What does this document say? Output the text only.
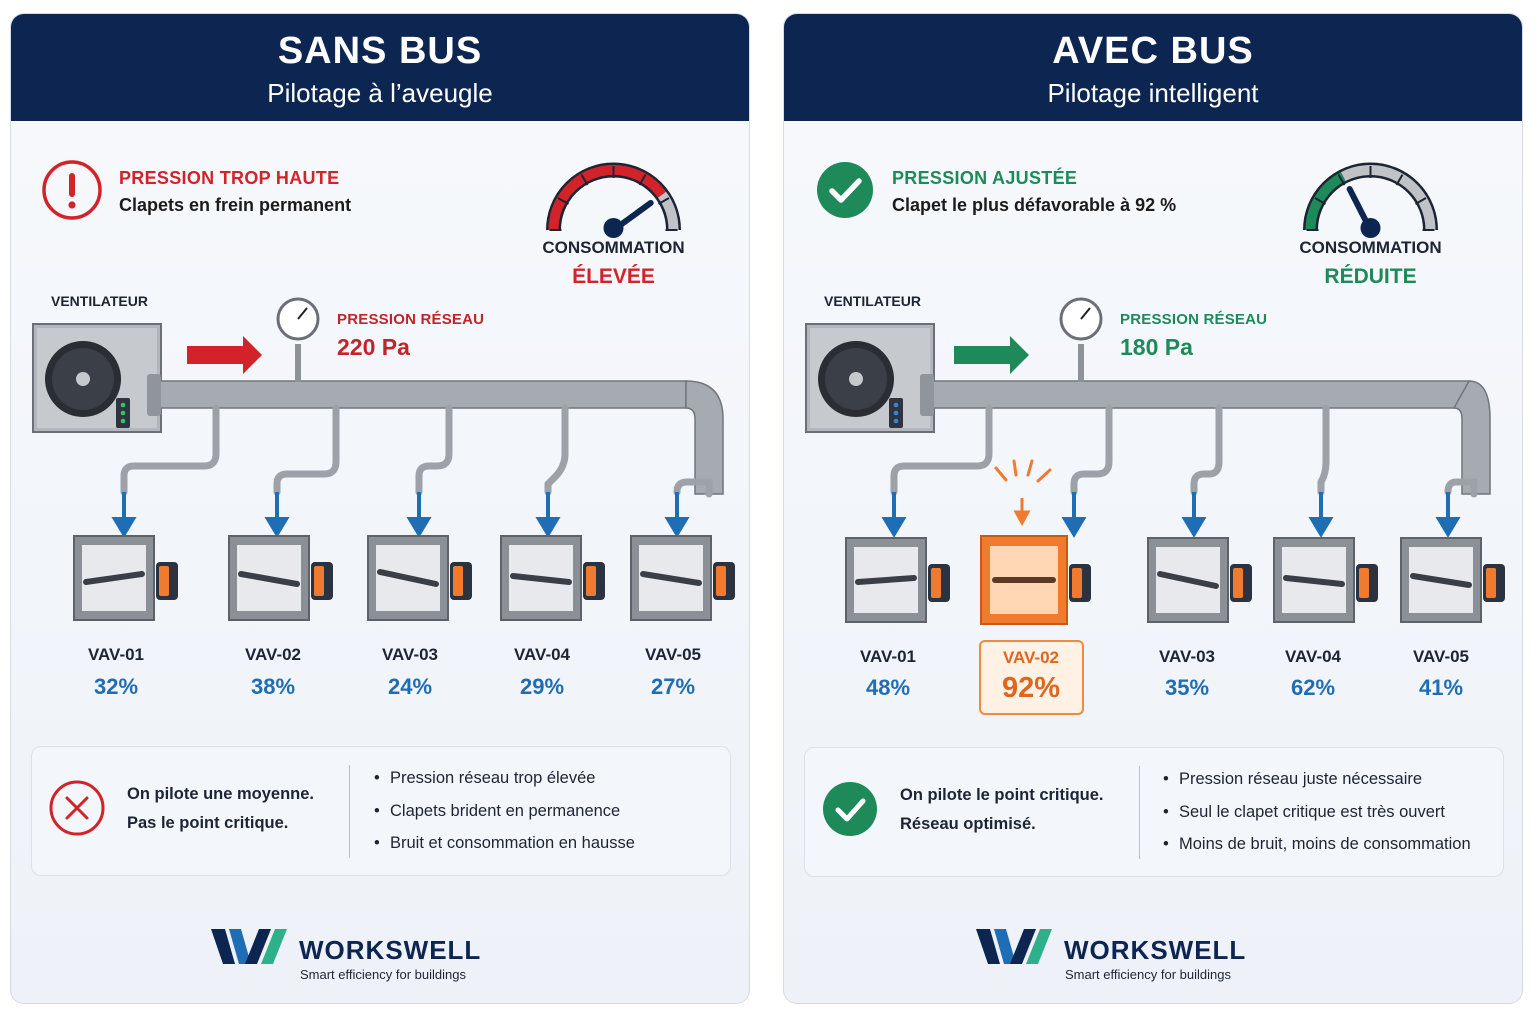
SANS BUS
Pilotage à l’aveugle
PRESSION TROP HAUTE
Clapets en frein permanent
CONSOMMATION
ÉLEVÉE
VENTILATEUR
PRESSION RÉSEAU
220 Pa
VAV-01
32%
VAV-02
38%
VAV-03
24%
VAV-04
29%
VAV-05
27%
On pilote une moyenne.
Pas le point critique.
• Pression réseau trop élevée
• Clapets brident en permanence
• Bruit et consommation en hausse
WORKSWELL
Smart efficiency for buildings
AVEC BUS
Pilotage intelligent
PRESSION AJUSTÉE
Clapet le plus défavorable à 92 %
CONSOMMATION
RÉDUITE
VENTILATEUR
PRESSION RÉSEAU
180 Pa
VAV-01
48%
VAV-02
92%
VAV-03
35%
VAV-04
62%
VAV-05
41%
On pilote le point critique.
Réseau optimisé.
• Pression réseau juste nécessaire
• Seul le clapet critique est très ouvert
• Moins de bruit, moins de consommation
WORKSWELL
Smart efficiency for buildings
